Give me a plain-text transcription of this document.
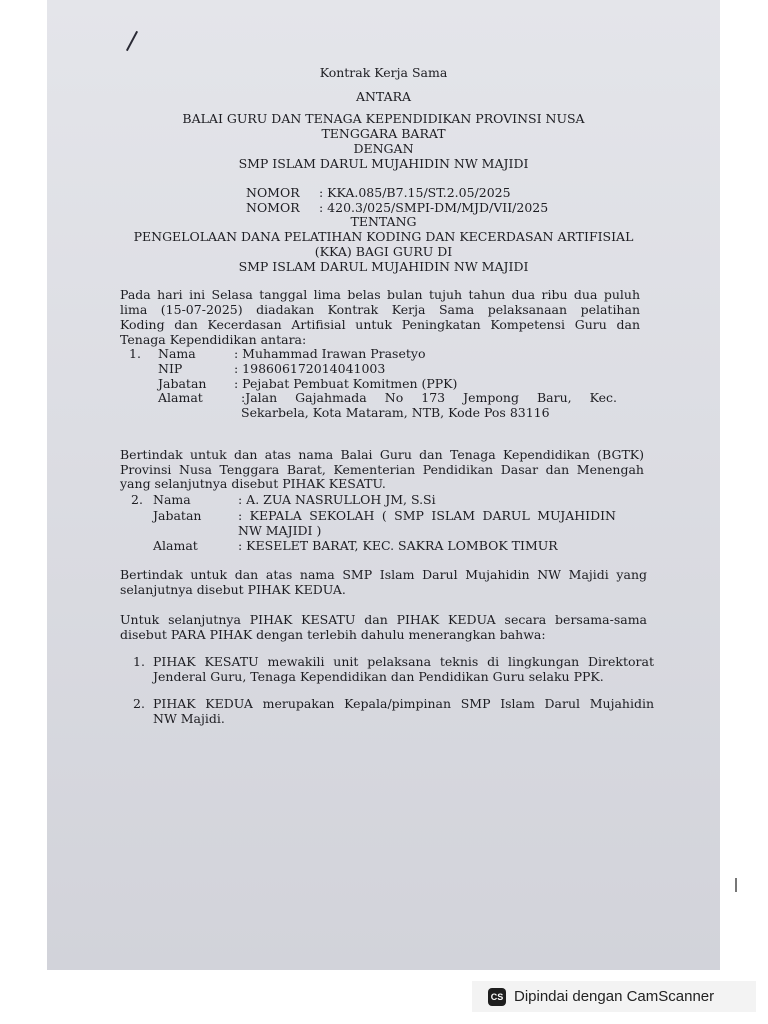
Kontrak Kerja Sama
ANTARA
BALAI GURU DAN TENAGA KEPENDIDIKAN PROVINSI NUSA
TENGGARA BARAT
DENGAN
SMP ISLAM DARUL MUJAHIDIN NW MAJIDI
NOMOR : KKA.085/B7.15/ST.2.05/2025
NOMOR : 420.3/025/SMPI-DM/MJD/VII/2025
TENTANG
PENGELOLAAN DANA PELATIHAN KODING DAN KECERDASAN ARTIFISIAL
(KKA) BAGI GURU DI
SMP ISLAM DARUL MUJAHIDIN NW MAJIDI
Pada hari ini Selasa tanggal lima belas bulan tujuh tahun dua ribu dua puluh
lima (15-07-2025) diadakan Kontrak Kerja Sama pelaksanaan pelatihan
Koding dan Kecerdasan Artifisial untuk Peningkatan Kompetensi Guru dan
Tenaga Kependidikan antara:
1. Nama	: Muhammad Irawan Prasetyo
NIP	: 198606172014041003
Jabatan : Pejabat Pembuat Komitmen (PPK)
Alamat	:Jalan Gajahmada No 173 Jempong Baru, Kec.
Sekarbela, Kota Mataram, NTB, Kode Pos 83116
Bertindak untuk dan atas nama Balai Guru dan Tenaga Kependidikan (BGTK)
Provinsi Nusa Tenggara Barat, Kementerian Pendidikan Dasar dan Menengah
yang selanjutnya disebut PIHAK KESATU.
2. Nama	: A. ZUA NASRULLOH JM, S.Si
Jabatan	: KEPALA SEKOLAH ( SMP ISLAM DARUL MUJAHIDIN
NW MAJIDI )
Alamat	: KESELET BARAT, KEC. SAKRA LOMBOK TIMUR
Bertindak untuk dan atas nama SMP Islam Darul Mujahidin NW Majidi yang
selanjutnya disebut PIHAK KEDUA.
Untuk selanjutnya PIHAK KESATU dan PIHAK KEDUA secara bersama-sama
disebut PARA PIHAK dengan terlebih dahulu menerangkan bahwa:
1. PIHAK KESATU mewakili unit pelaksana teknis di lingkungan Direktorat
Jenderal Guru, Tenaga Kependidikan dan Pendidikan Guru selaku PPK.
2. PIHAK KEDUA merupakan Kepala/pimpinan SMP Islam Darul Mujahidin
NW Majidi.
CS Dipindai dengan CamScanner
